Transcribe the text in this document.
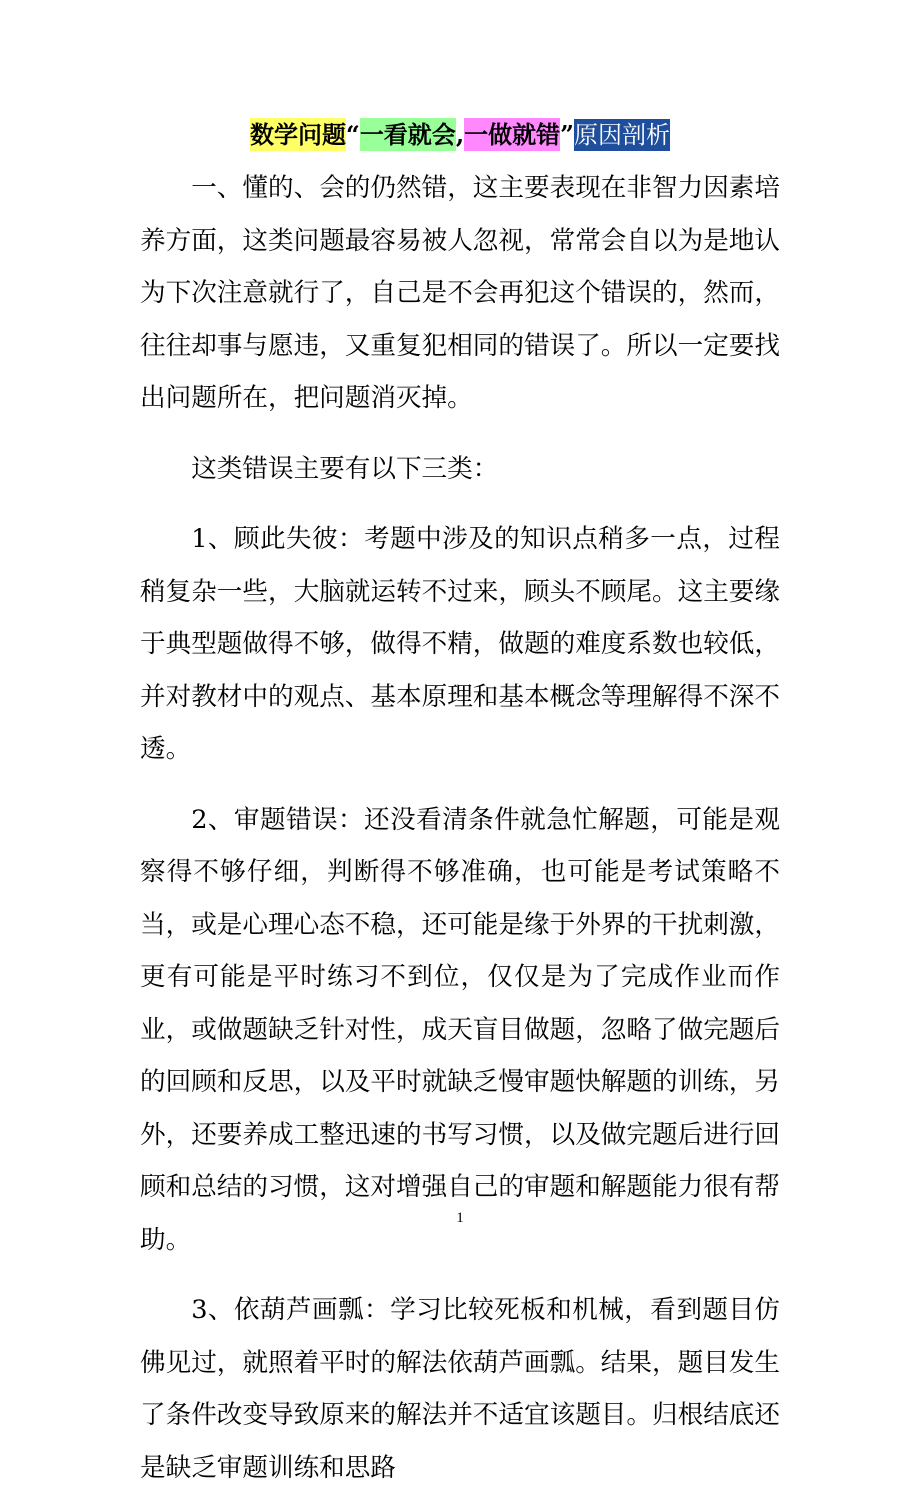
数学问题“一看就会,一做就错”原因剖析

一、懂的、会的仍然错，这主要表现在非智力因素培养方面，这类问题最容易被人忽视，常常会自以为是地认为下次注意就行了，自己是不会再犯这个错误的，然而，往往却事与愿违，又重复犯相同的错误了。所以一定要找出问题所在，把问题消灭掉。

这类错误主要有以下三类：

1、顾此失彼：考题中涉及的知识点稍多一点，过程稍复杂一些，大脑就运转不过来，顾头不顾尾。这主要缘于典型题做得不够，做得不精，做题的难度系数也较低，并对教材中的观点、基本原理和基本概念等理解得不深不透。

2、审题错误：还没看清条件就急忙解题，可能是观察得不够仔细，判断得不够准确，也可能是考试策略不当，或是心理心态不稳，还可能是缘于外界的干扰刺激，更有可能是平时练习不到位，仅仅是为了完成作业而作业，或做题缺乏针对性，成天盲目做题，忽略了做完题后的回顾和反思，以及平时就缺乏慢审题快解题的训练，另外，还要养成工整迅速的书写习惯，以及做完题后进行回顾和总结的习惯，这对增强自己的审题和解题能力很有帮助。

3、依葫芦画瓢：学习比较死板和机械，看到题目仿佛见过，就照着平时的解法依葫芦画瓢。结果，题目发生了条件改变导致原来的解法并不适宜该题目。归根结底还是缺乏审题训练和思路

1
